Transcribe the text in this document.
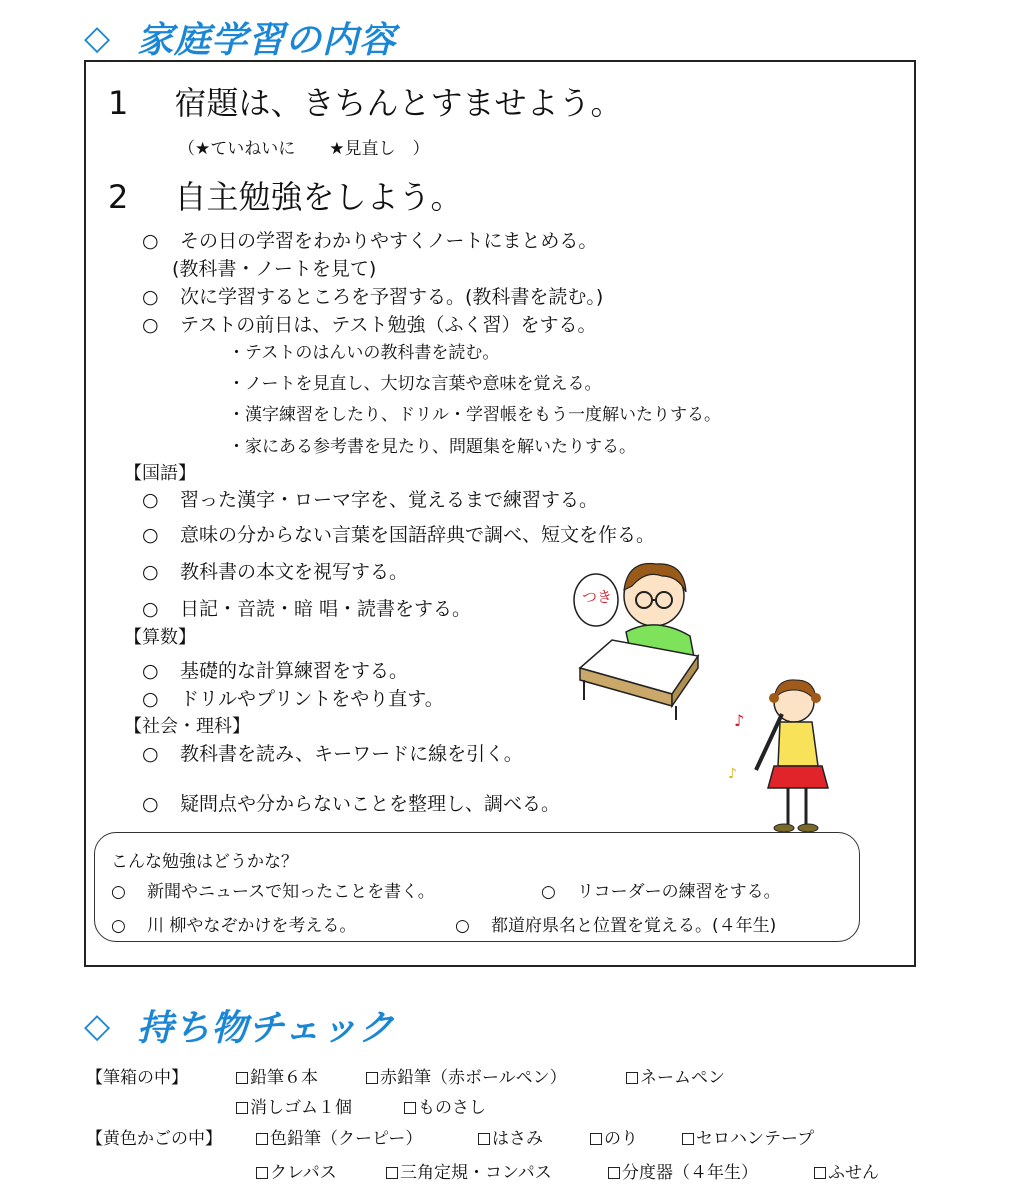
◇ 家庭学習の内容
1 宿題は、きちんとすませよう。
（★ていねいに　　★見直し　）
2 自主勉強をしよう。
○ その日の学習をわかりやすくノートにまとめる。
(教科書・ノートを見て)
○ 次に学習するところを予習する。(教科書を読む。)
○ テストの前日は、テスト勉強（ふく習）をする。
・テストのはんいの教科書を読む。
・ノートを見直し、大切な言葉や意味を覚える。
・漢字練習をしたり、ドリル・学習帳をもう一度解いたりする。
・家にある参考書を見たり、問題集を解いたりする。
【国語】
○ 習った漢字・ローマ字を、覚えるまで練習する。
○ 意味の分からない言葉を国語辞典で調べ、短文を作る。
○ 教科書の本文を視写する。
○ 日記・音読・暗 唱・読書をする。
【算数】
○ 基礎的な計算練習をする。
○ ドリルやプリントをやり直す。
【社会・理科】
○ 教科書を読み、キーワードに線を引く。
○ 疑問点や分からないことを整理し、調べる。
つき
♪
♪
こんな勉強はどうかな？
○ 新聞やニュースで知ったことを書く。	○ リコーダーの練習をする。
○ 川 柳やなぞかけを考える。	○ 都道府県名と位置を覚える。(４年生)
◇ 持ち物チェック
【筆箱の中】	鉛筆６本	赤鉛筆（赤ボールペン）	ネームペン
消しゴム１個	ものさし
【黄色かごの中】	色鉛筆（クーピー）	はさみ	のり	セロハンテープ
クレパス	三角定規・コンパス	分度器（４年生）	ふせん
